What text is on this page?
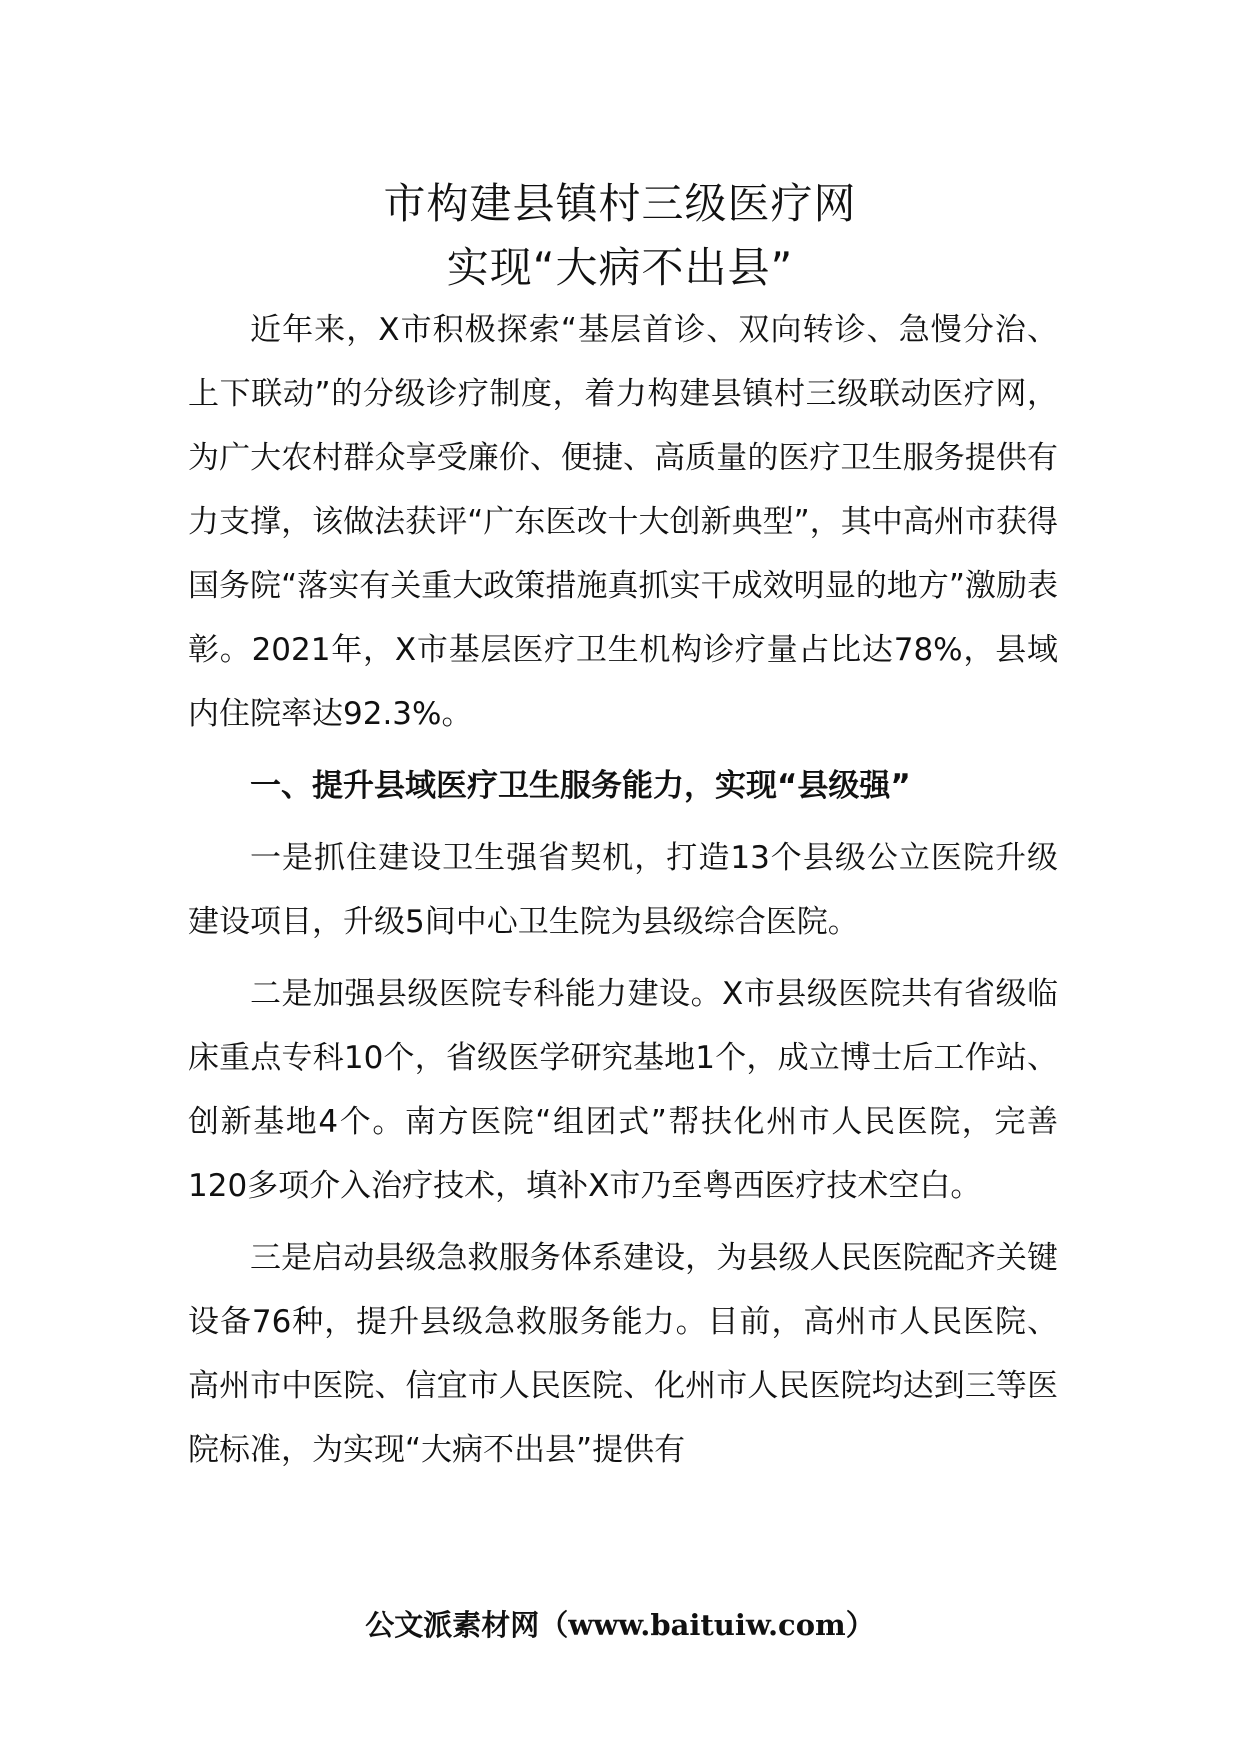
市构建县镇村三级医疗网

实现“大病不出县”

近年来，X市积极探索“基层首诊、双向转诊、急慢分治、上下联动”的分级诊疗制度，着力构建县镇村三级联动医疗网，为广大农村群众享受廉价、便捷、高质量的医疗卫生服务提供有力支撑，该做法获评“广东医改十大创新典型”，其中高州市获得国务院“落实有关重大政策措施真抓实干成效明显的地方”激励表彰。2021年，X市基层医疗卫生机构诊疗量占比达78%，县域内住院率达92.3%。

一、提升县域医疗卫生服务能力，实现“县级强”

一是抓住建设卫生强省契机，打造13个县级公立医院升级建设项目，升级5间中心卫生院为县级综合医院。

二是加强县级医院专科能力建设。X市县级医院共有省级临床重点专科10个，省级医学研究基地1个，成立博士后工作站、创新基地4个。南方医院“组团式”帮扶化州市人民医院，完善120多项介入治疗技术，填补X市乃至粤西医疗技术空白。

三是启动县级急救服务体系建设，为县级人民医院配齐关键设备76种，提升县级急救服务能力。目前，高州市人民医院、高州市中医院、信宜市人民医院、化州市人民医院均达到三等医院标准，为实现“大病不出县”提供有

公文派素材网（www.baituiw.com）
